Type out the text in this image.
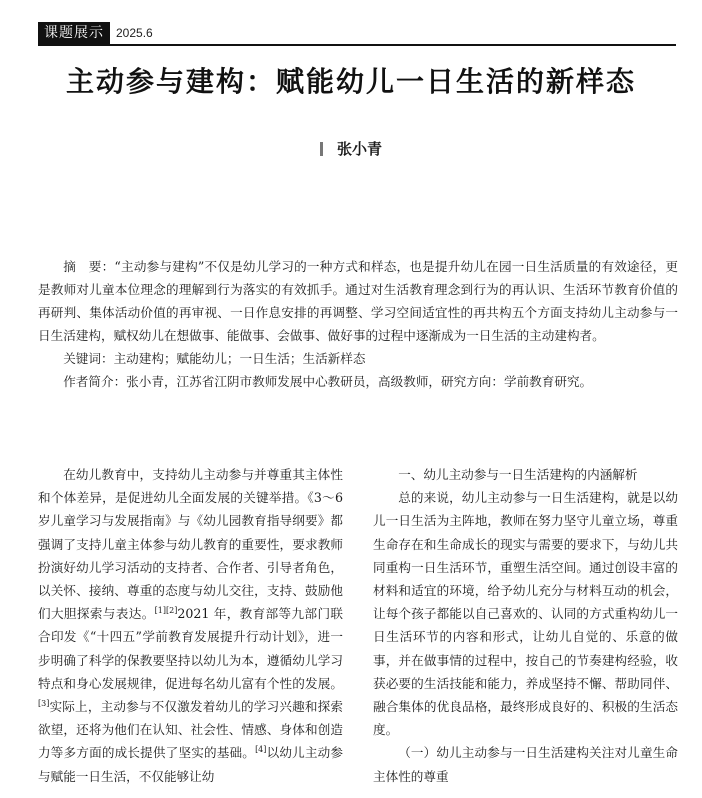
课题展示	2025.6
主动参与建构：赋能幼儿一日生活的新样态
张小青

摘　要：“主动参与建构”不仅是幼儿学习的一种方式和样态，也是提升幼儿在园一日生活质量的有效途径，更是教师对儿童本位理念的理解到行为落实的有效抓手。通过对生活教育理念到行为的再认识、生活环节教育价值的再研判、集体活动价值的再审视、一日作息安排的再调整、学习空间适宜性的再共构五个方面支持幼儿主动参与一日生活建构，赋权幼儿在想做事、能做事、会做事、做好事的过程中逐渐成为一日生活的主动建构者。

关键词：主动建构；赋能幼儿；一日生活；生活新样态

作者简介：张小青，江苏省江阴市教师发展中心教研员，高级教师，研究方向：学前教育研究。

在幼儿教育中，支持幼儿主动参与并尊重其主体性和个体差异，是促进幼儿全面发展的关键举措。《3～6 岁儿童学习与发展指南》与《幼儿园教育指导纲要》都强调了支持儿童主体参与幼儿教育的重要性，要求教师扮演好幼儿学习活动的支持者、合作者、引导者角色，以关怀、接纳、尊重的态度与幼儿交往，支持、鼓励他们大胆探索与表达。[1][2]2021 年，教育部等九部门联合印发《“十四五”学前教育发展提升行动计划》，进一步明确了科学的保教要坚持以幼儿为本，遵循幼儿学习特点和身心发展规律，促进每名幼儿富有个性的发展。[3]实际上，主动参与不仅激发着幼儿的学习兴趣和探索欲望，还将为他们在认知、社会性、情感、身体和创造力等多方面的成长提供了坚实的基础。[4]以幼儿主动参与赋能一日生活，不仅能够让幼

一、幼儿主动参与一日生活建构的内涵解析

总的来说，幼儿主动参与一日生活建构，就是以幼儿一日生活为主阵地，教师在努力坚守儿童立场，尊重生命存在和生命成长的现实与需要的要求下，与幼儿共同重构一日生活环节，重塑生活空间。通过创设丰富的材料和适宜的环境，给予幼儿充分与材料互动的机会，让每个孩子都能以自己喜欢的、认同的方式重构幼儿一日生活环节的内容和形式，让幼儿自觉的、乐意的做事，并在做事情的过程中，按自己的节奏建构经验，收获必要的生活技能和能力，养成坚持不懈、帮助同伴、融合集体的优良品格，最终形成良好的、积极的生活态度。

（一）幼儿主动参与一日生活建构关注对儿童生命主体性的尊重
